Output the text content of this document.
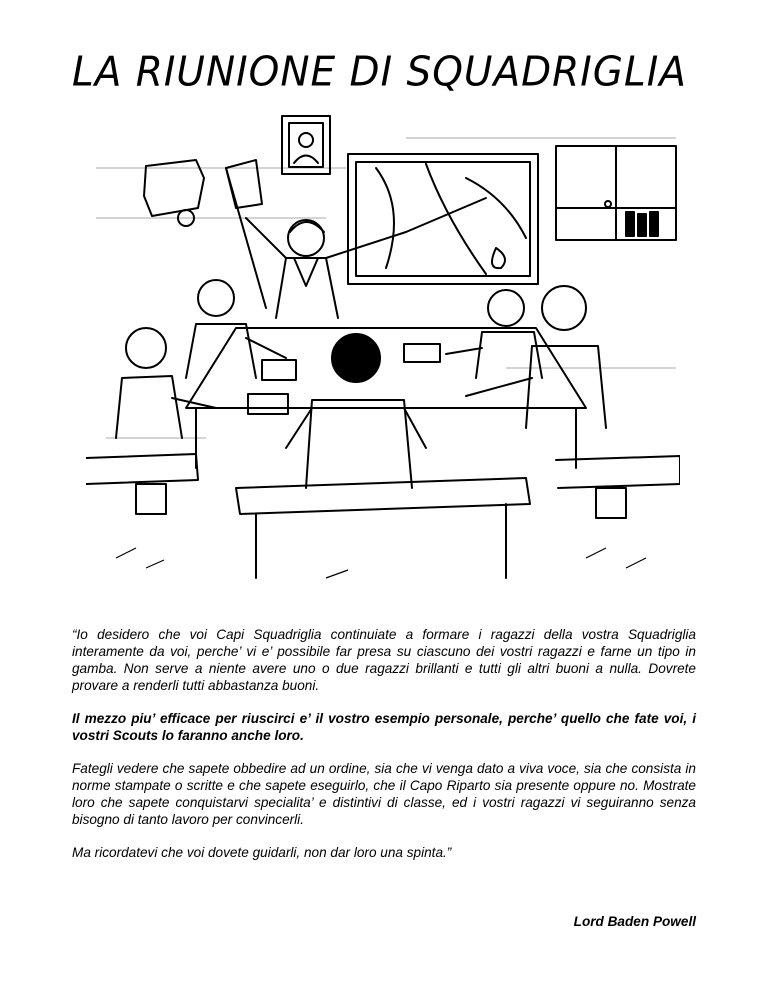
LA RIUNIONE DI SQUADRIGLIA

“Io desidero che voi Capi Squadriglia continuiate a formare i ragazzi della vostra Squadriglia interamente da voi, perche’ vi e’ possibile far presa su ciascuno dei vostri ragazzi e farne un tipo in gamba. Non serve a niente avere uno o due ragazzi brillanti e tutti gli altri buoni a nulla. Dovrete provare a renderli tutti abbastanza buoni.

Il mezzo piu’ efficace per riuscirci e’ il vostro esempio personale, perche’ quello che fate voi, i vostri Scouts lo faranno anche loro.

Fategli vedere che sapete obbedire ad un ordine, sia che vi venga dato a viva voce, sia che consista in norme stampate o scritte e che sapete eseguirlo, che il Capo Riparto sia presente oppure no. Mostrate loro che sapete conquistarvi specialita’ e distintivi di classe, ed i vostri ragazzi vi seguiranno senza bisogno di tanto lavoro per convincerli.

Ma ricordatevi che voi dovete guidarli, non dar loro una spinta.”

Lord Baden Powell
